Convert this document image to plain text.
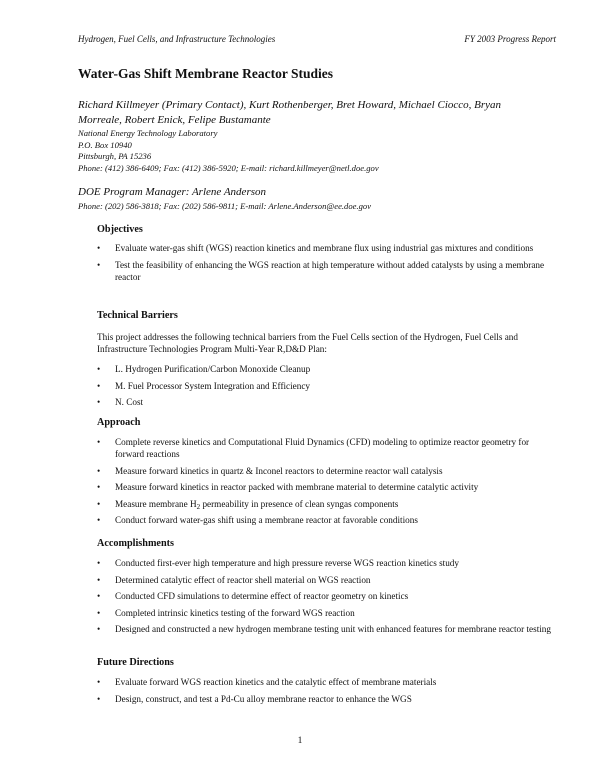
Hydrogen, Fuel Cells, and Infrastructure Technologies	FY 2003 Progress Report
Water-Gas Shift Membrane Reactor Studies
Richard Killmeyer (Primary Contact), Kurt Rothenberger, Bret Howard, Michael Ciocco, Bryan Morreale, Robert Enick, Felipe Bustamante
National Energy Technology Laboratory
P.O. Box 10940
Pittsburgh, PA 15236
Phone: (412) 386-6409; Fax: (412) 386-5920; E-mail: richard.killmeyer@netl.doe.gov
DOE Program Manager: Arlene Anderson
Phone: (202) 586-3818; Fax: (202) 586-9811; E-mail: Arlene.Anderson@ee.doe.gov
Objectives
• Evaluate water-gas shift (WGS) reaction kinetics and membrane flux using industrial gas mixtures and conditions
• Test the feasibility of enhancing the WGS reaction at high temperature without added catalysts by using a membrane reactor
Technical Barriers
This project addresses the following technical barriers from the Fuel Cells section of the Hydrogen, Fuel Cells and Infrastructure Technologies Program Multi-Year R,D&D Plan:
• L. Hydrogen Purification/Carbon Monoxide Cleanup
• M. Fuel Processor System Integration and Efficiency
• N. Cost
Approach
• Complete reverse kinetics and Computational Fluid Dynamics (CFD) modeling to optimize reactor geometry for forward reactions
• Measure forward kinetics in quartz & Inconel reactors to determine reactor wall catalysis
• Measure forward kinetics in reactor packed with membrane material to determine catalytic activity
• Measure membrane $H_2$ permeability in presence of clean syngas components
• Conduct forward water-gas shift using a membrane reactor at favorable conditions
Accomplishments
• Conducted first-ever high temperature and high pressure reverse WGS reaction kinetics study
• Determined catalytic effect of reactor shell material on WGS reaction
• Conducted CFD simulations to determine effect of reactor geometry on kinetics
• Completed intrinsic kinetics testing of the forward WGS reaction
• Designed and constructed a new hydrogen membrane testing unit with enhanced features for membrane reactor testing
Future Directions
• Evaluate forward WGS reaction kinetics and the catalytic effect of membrane materials
• Design, construct, and test a Pd-Cu alloy membrane reactor to enhance the WGS
1
